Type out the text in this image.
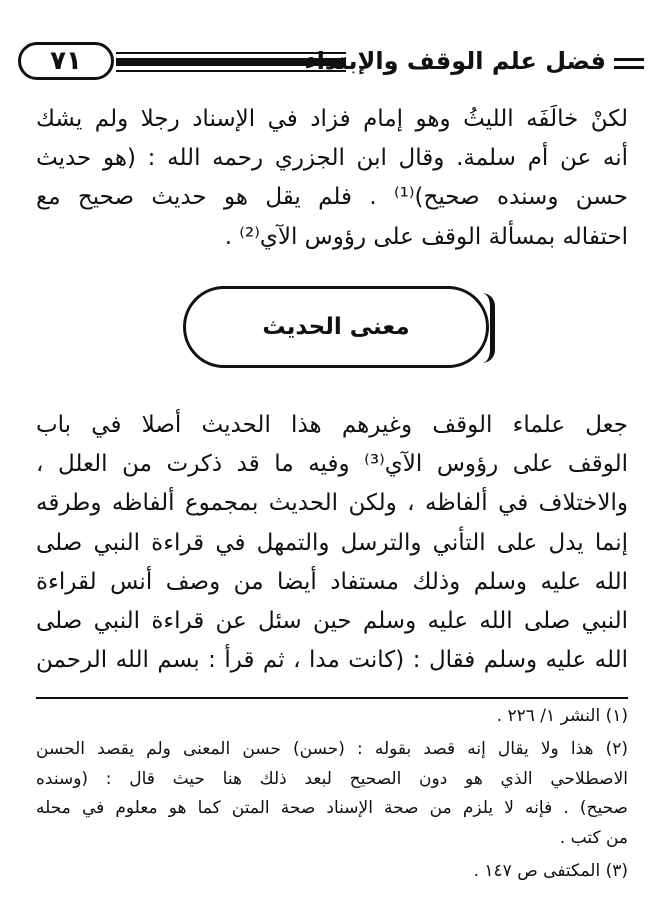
٧١	فضل علم الوقف والإبتداء
لكنْ خالَفَه الليثُ وهو إمام فزاد في الإسناد رجلا ولم يشك
أنه عن أم سلمة. وقال ابن الجزري رحمه الله : (هو حديث
حسن وسنده صحيح)⁽¹⁾ . فلم يقل هو حديث صحيح مع
احتفاله بمسألة الوقف على رؤوس الآي⁽²⁾ .
معنى الحديث
جعل علماء الوقف وغيرهم هذا الحديث أصلا في باب
الوقف على رؤوس الآي⁽³⁾ وفيه ما قد ذكرت من العلل ،
والاختلاف في ألفاظه ، ولكن الحديث بمجموع ألفاظه وطرقه
إنما يدل على التأني والترسل والتمهل في قراءة النبي صلى
الله عليه وسلم وذلك مستفاد أيضا من وصف أنس لقراءة
النبي صلى الله عليه وسلم حين سئل عن قراءة النبي صلى
الله عليه وسلم فقال : (كانت مدا ، ثم قرأ : بسم الله الرحمن
(١) النشر ١/ ٢٢٦ .
(٢) هذا ولا يقال إنه قصد بقوله : (حسن) حسن المعنى ولم يقصد الحسن
الاصطلاحي الذي هو دون الصحيح لبعد ذلك هنا حيث قال : (وسنده
صحيح) . فإنه لا يلزم من صحة الإسناد صحة المتن كما هو معلوم في محله
من كتب .
(٣) المكتفى ص ١٤٧ .
